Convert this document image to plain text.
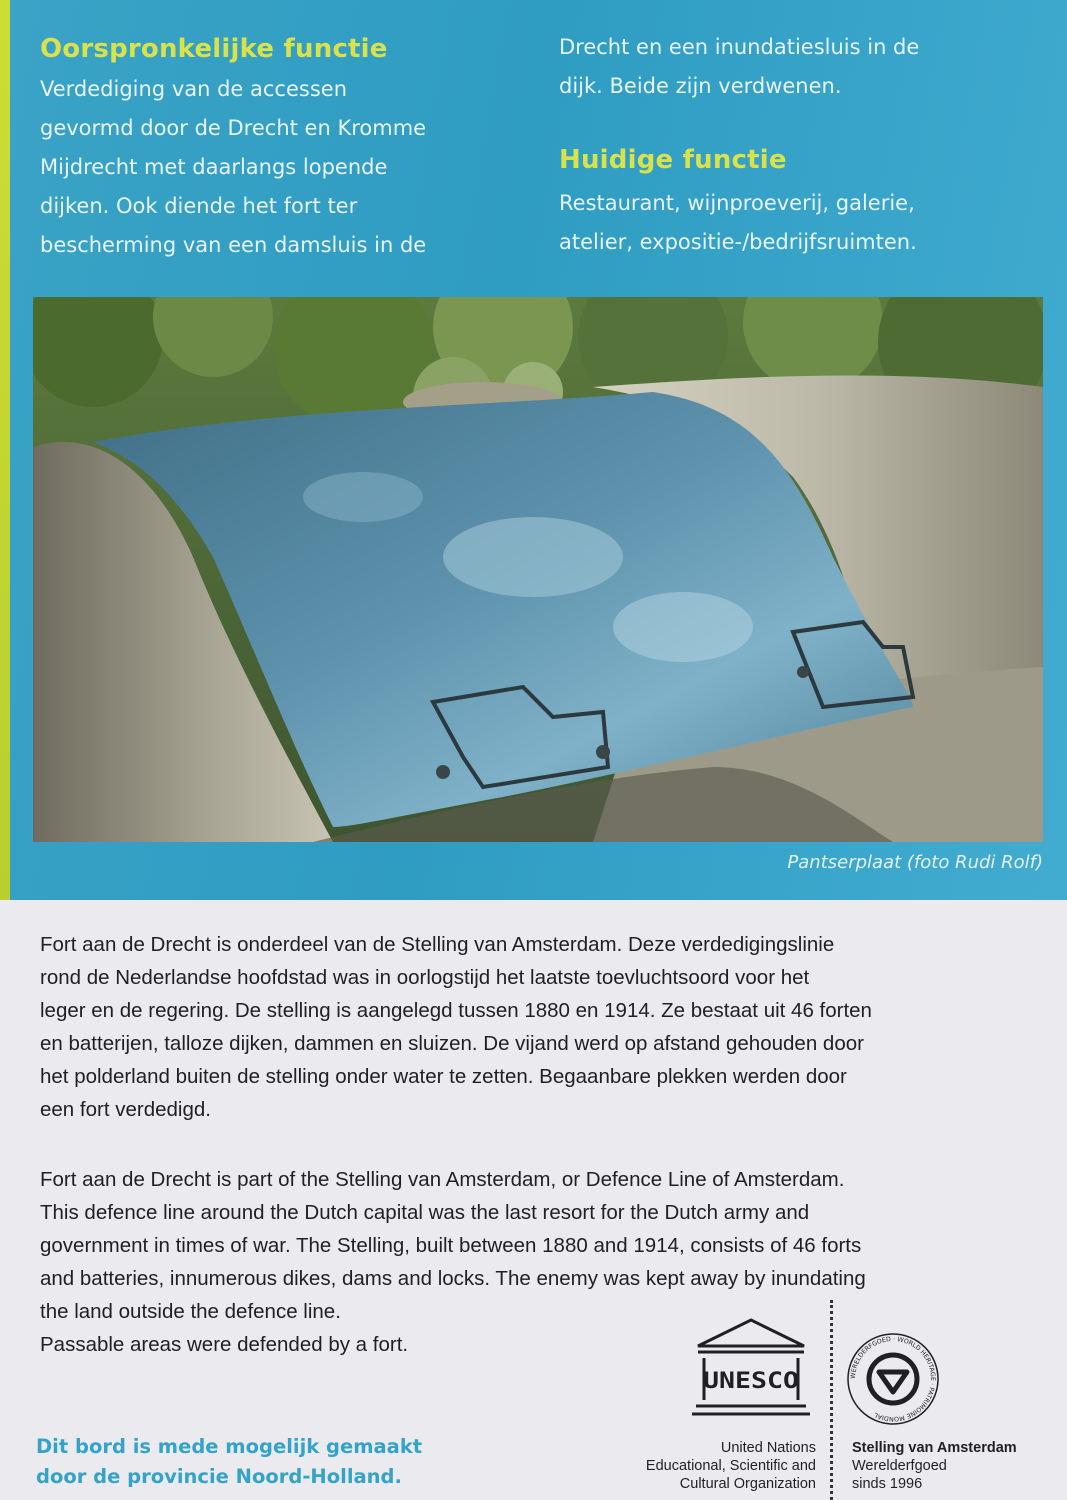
Oorspronkelijke functie
Verdediging van de accessen
gevormd door de Drecht en Kromme
Mijdrecht met daarlangs lopende
dijken. Ook diende het fort ter
bescherming van een damsluis in de
Drecht en een inundatiesluis in de
dijk. Beide zijn verdwenen.
Huidige functie
Restaurant, wijnproeverij, galerie,
atelier, expositie-/bedrijfsruimten.
Pantserplaat (foto Rudi Rolf)
Fort aan de Drecht is onderdeel van de Stelling van Amsterdam. Deze verdedigingslinie
rond de Nederlandse hoofdstad was in oorlogstijd het laatste toevluchtsoord voor het
leger en de regering. De stelling is aangelegd tussen 1880 en 1914. Ze bestaat uit 46 forten
en batterijen, talloze dijken, dammen en sluizen. De vijand werd op afstand gehouden door
het polderland buiten de stelling onder water te zetten. Begaanbare plekken werden door
een fort verdedigd.
Fort aan de Drecht is part of the Stelling van Amsterdam, or Defence Line of Amsterdam.
This defence line around the Dutch capital was the last resort for the Dutch army and
government in times of war. The Stelling, built between 1880 and 1914, consists of 46 forts
and batteries, innumerous dikes, dams and locks. The enemy was kept away by inundating
the land outside the defence line.
Passable areas were defended by a fort.
Dit bord is mede mogelijk gemaakt
door de provincie Noord-Holland.
UNESCO
United Nations
Educational, Scientific and
Cultural Organization
WERELDERFGOED · WORLD HERITAGE · PATRIMOINE MONDIAL
Stelling van Amsterdam
Werelderfgoed
sinds 1996
